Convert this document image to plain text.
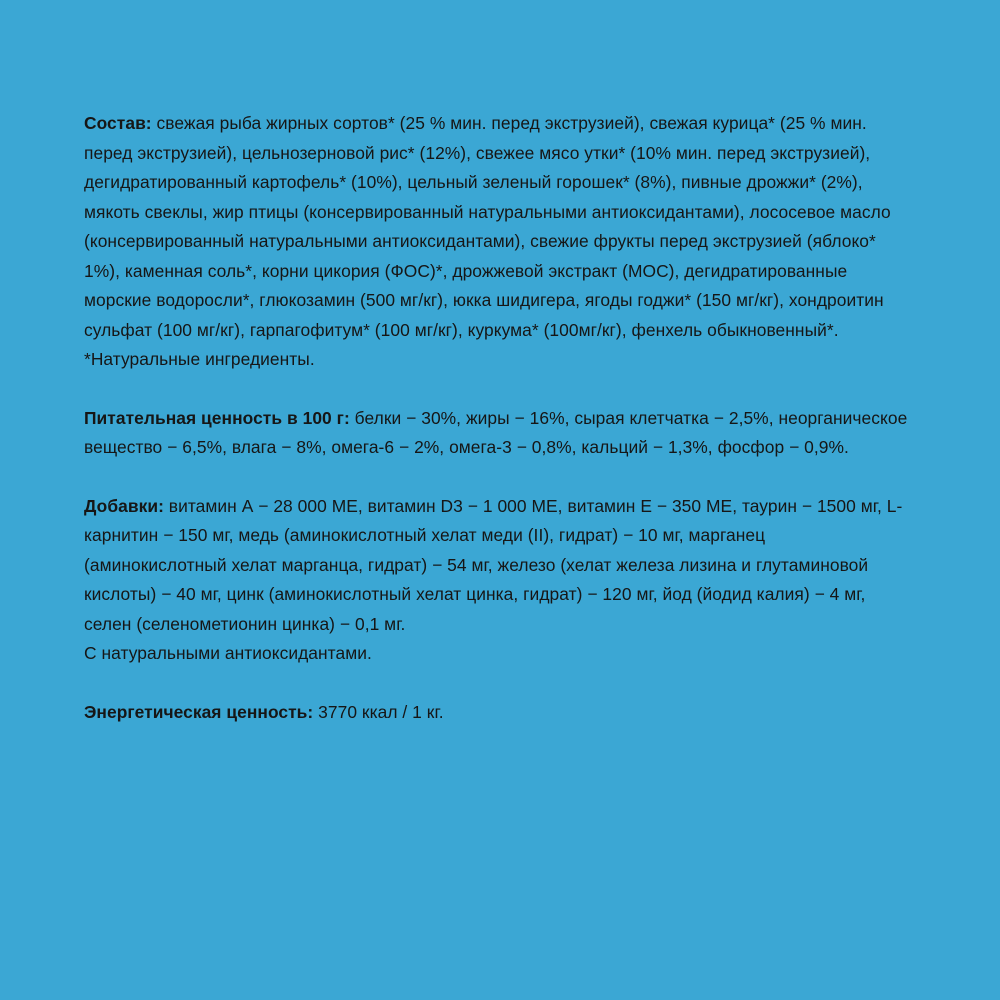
Состав: свежая рыба жирных сортов* (25 % мин. перед экструзией), свежая курица* (25 % мин. перед экструзией), цельнозерновой рис* (12%), свежее мясо утки* (10% мин. перед экструзией), дегидратированный картофель* (10%), цельный зеленый горошек* (8%), пивные дрожжи* (2%), мякоть свеклы, жир птицы (консервированный натуральными антиоксидантами), лососевое масло (консервированный натуральными антиоксидантами), свежие фрукты перед экструзией (яблоко* 1%), каменная соль*, корни цикория (ФОС)*, дрожжевой экстракт (МОС), дегидратированные морские водоросли*, глюкозамин (500 мг/кг), юкка шидигера, ягоды годжи* (150 мг/кг), хондроитин сульфат (100 мг/кг), гарпагофитум* (100 мг/кг), куркума* (100мг/кг), фенхель обыкновенный*.
*Натуральные ингредиенты.

Питательная ценность в 100 г: белки − 30%, жиры − 16%, сырая клетчатка − 2,5%, неорганическое вещество − 6,5%, влага − 8%, омега-6 − 2%, омега-3 − 0,8%, кальций − 1,3%, фосфор − 0,9%.

Добавки: витамин А − 28 000 МЕ, витамин D3 − 1 000 МЕ, витамин Е − 350 МЕ, таурин − 1500 мг, L-карнитин − 150 мг, медь (аминокислотный хелат меди (II), гидрат) − 10 мг, марганец (аминокислотный хелат марганца, гидрат) − 54 мг, железо (хелат железа лизина и глутаминовой кислоты) − 40 мг, цинк (аминокислотный хелат цинка, гидрат) − 120 мг, йод (йодид калия) − 4 мг, селен (селенометионин цинка) − 0,1 мг.
С натуральными антиоксидантами.

Энергетическая ценность: 3770 ккал / 1 кг.
